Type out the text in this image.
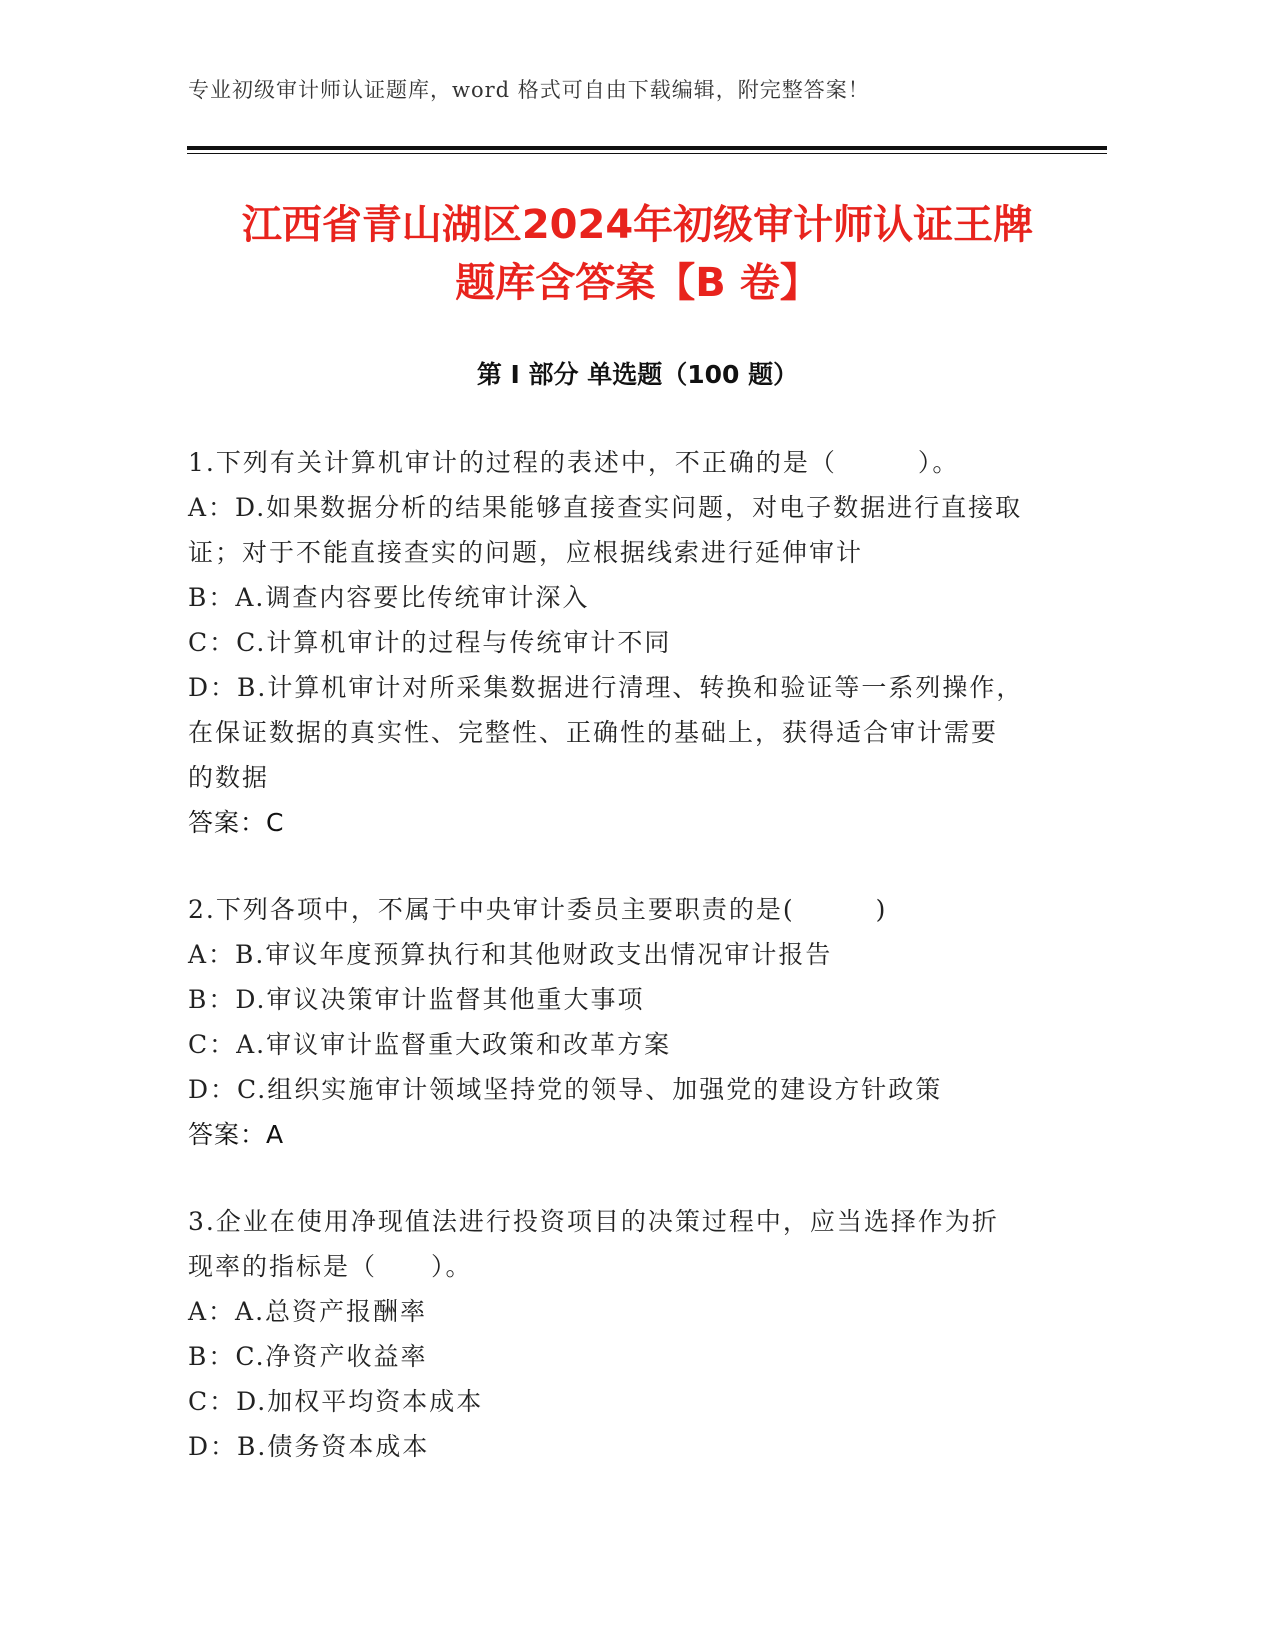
专业初级审计师认证题库，word 格式可自由下载编辑，附完整答案！
江西省青山湖区2024年初级审计师认证王牌
题库含答案【B 卷】
第 I 部分 单选题（100 题）

1.下列有关计算机审计的过程的表述中，不正确的是（　　　）。

A：D.如果数据分析的结果能够直接查实问题，对电子数据进行直接取

证；对于不能直接查实的问题，应根据线索进行延伸审计

B：A.调查内容要比传统审计深入

C：C.计算机审计的过程与传统审计不同

D：B.计算机审计对所采集数据进行清理、转换和验证等一系列操作，

在保证数据的真实性、完整性、正确性的基础上，获得适合审计需要

的数据

答案：C

2.下列各项中，不属于中央审计委员主要职责的是(　　　)

A：B.审议年度预算执行和其他财政支出情况审计报告

B：D.审议决策审计监督其他重大事项

C：A.审议审计监督重大政策和改革方案

D：C.组织实施审计领域坚持党的领导、加强党的建设方针政策

答案：A

3.企业在使用净现值法进行投资项目的决策过程中，应当选择作为折

现率的指标是（　　）。

A：A.总资产报酬率

B：C.净资产收益率

C：D.加权平均资本成本

D：B.债务资本成本
